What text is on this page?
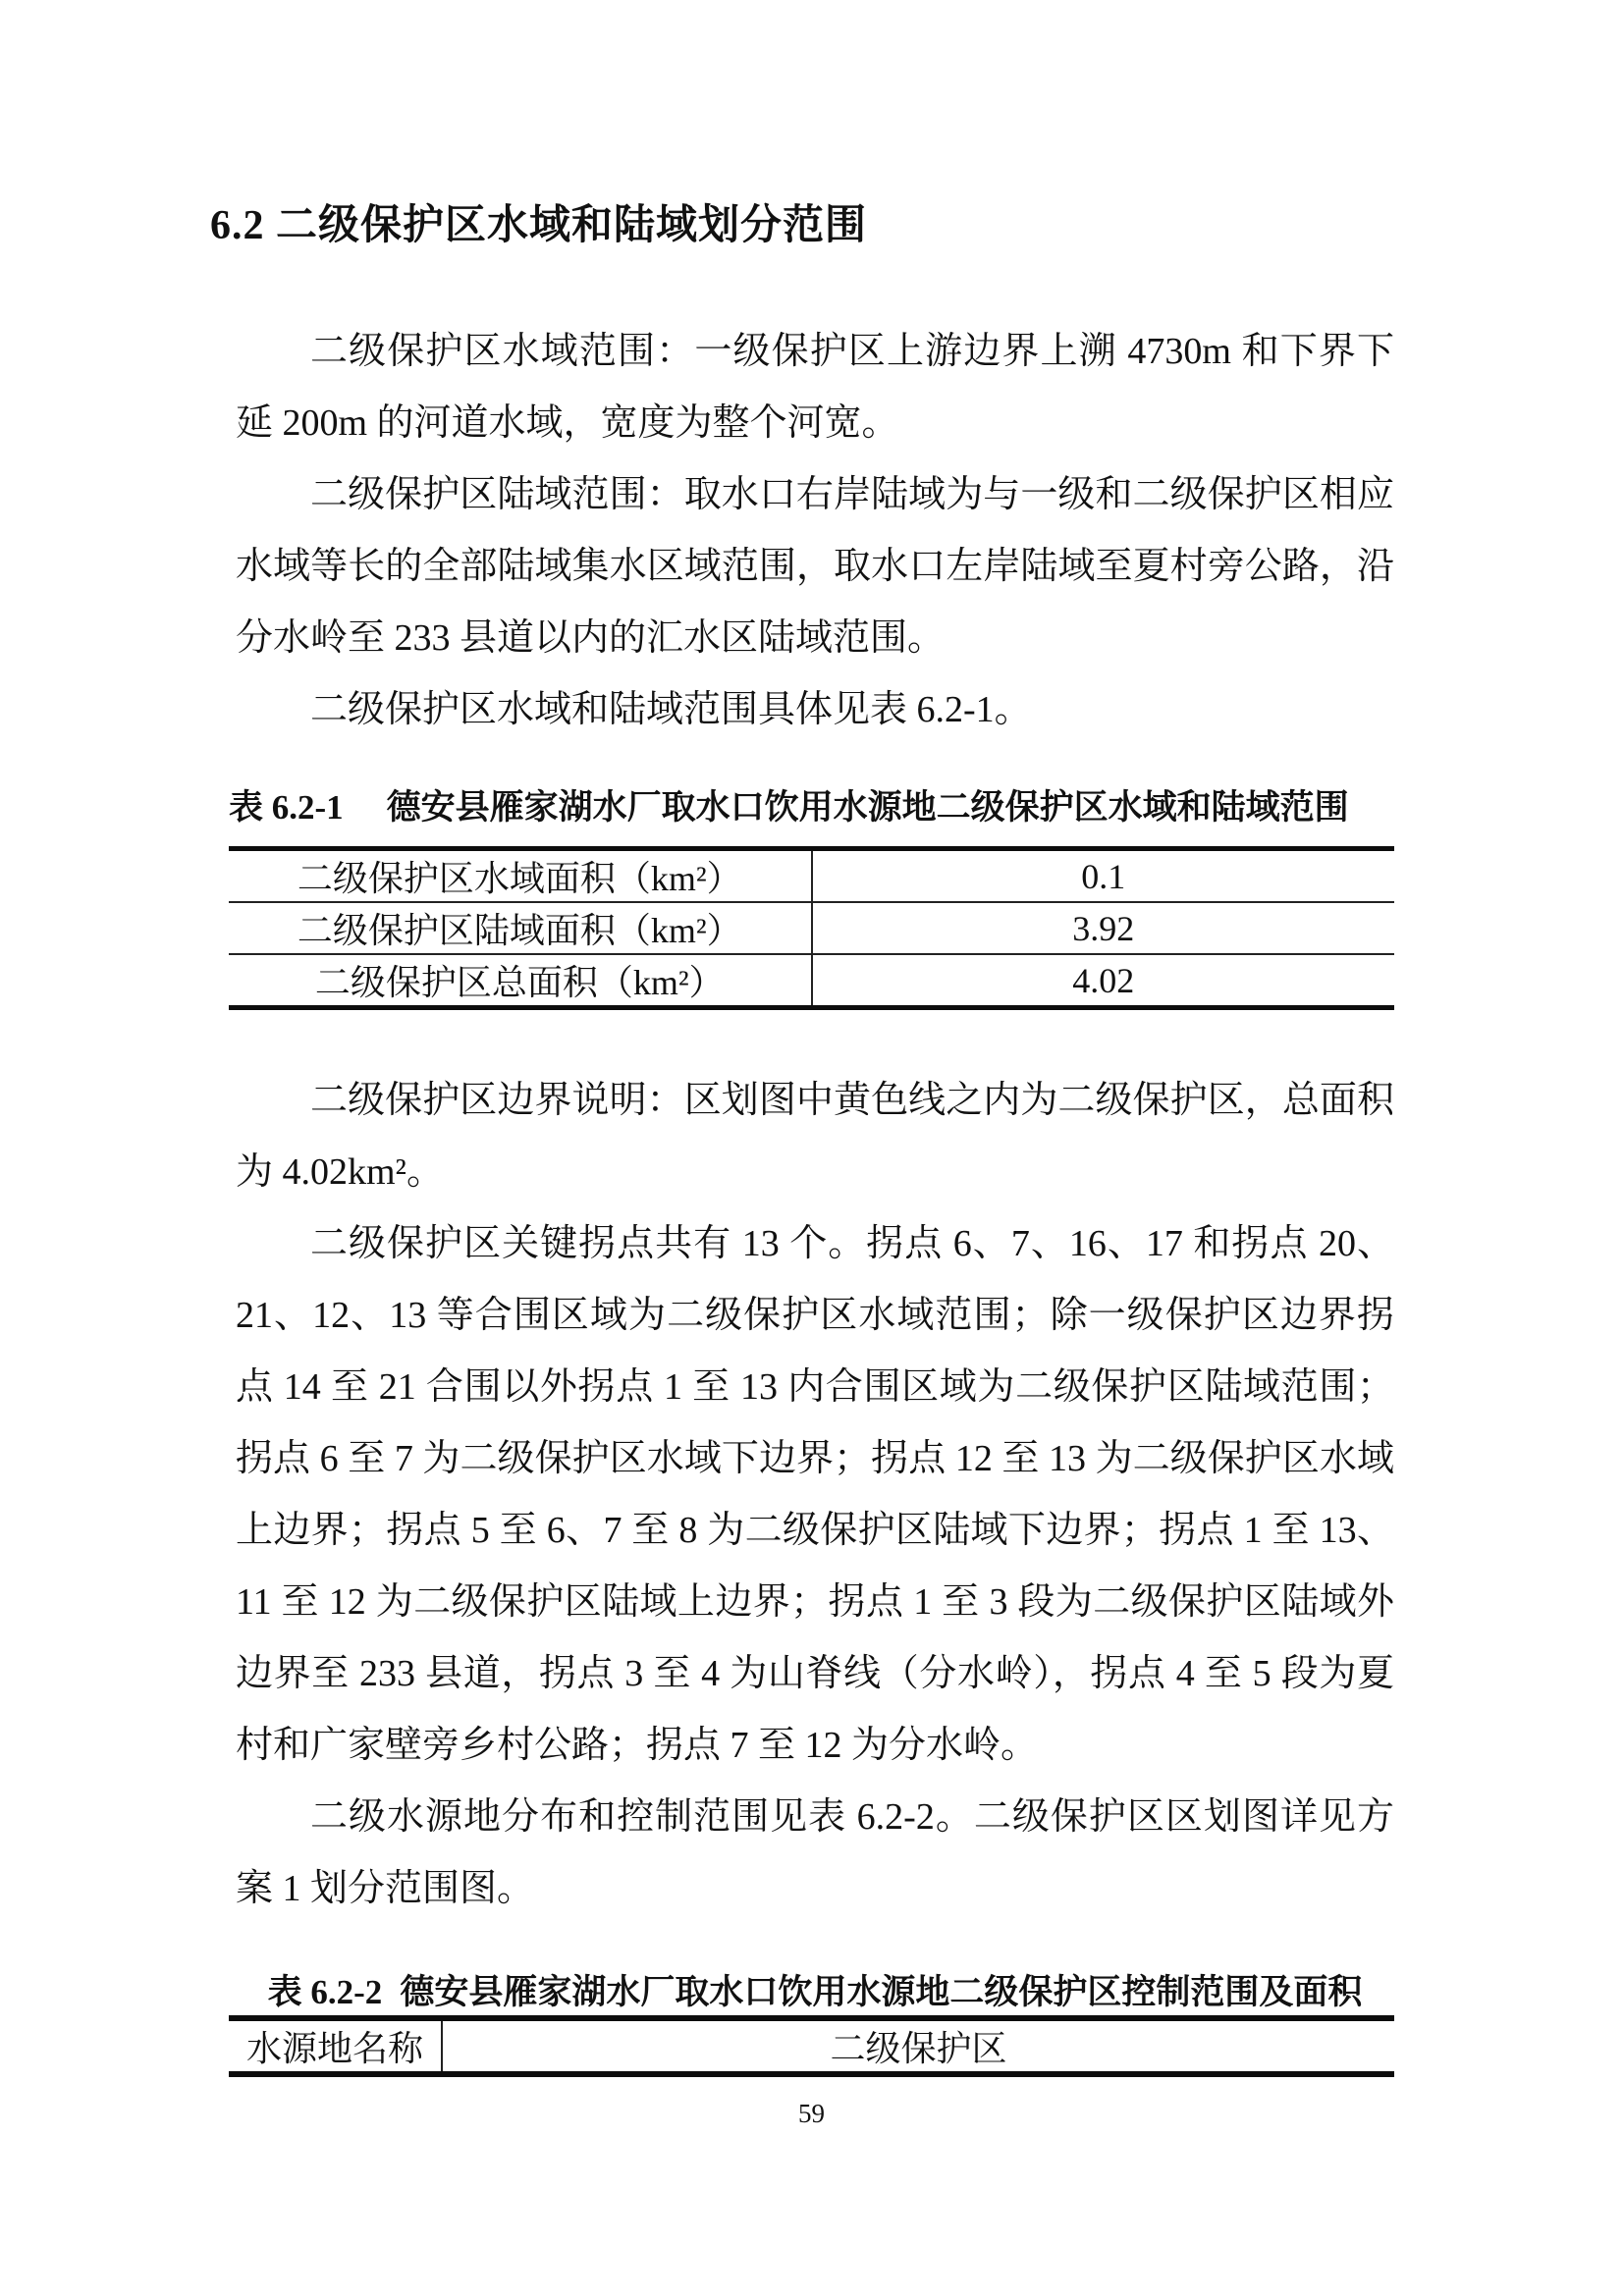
6.2 二级保护区水域和陆域划分范围

二级保护区水域范围：一级保护区上游边界上溯 4730m 和下界下延 200m 的河道水域，宽度为整个河宽。

二级保护区陆域范围：取水口右岸陆域为与一级和二级保护区相应水域等长的全部陆域集水区域范围，取水口左岸陆域至夏村旁公路，沿分水岭至 233 县道以内的汇水区陆域范围。

二级保护区水域和陆域范围具体见表 6.2-1。

表 6.2-1 德安县雁家湖水厂取水口饮用水源地二级保护区水域和陆域范围
二级保护区水域面积（km²）	0.1
二级保护区陆域面积（km²）	3.92
二级保护区总面积（km²）	4.02

二级保护区边界说明：区划图中黄色线之内为二级保护区，总面积为 4.02km²。

二级保护区关键拐点共有 13 个。拐点 6、7、16、17 和拐点 20、21、12、13 等合围区域为二级保护区水域范围；除一级保护区边界拐点 14 至 21 合围以外拐点 1 至 13 内合围区域为二级保护区陆域范围；拐点 6 至 7 为二级保护区水域下边界；拐点 12 至 13 为二级保护区水域上边界；拐点 5 至 6、7 至 8 为二级保护区陆域下边界；拐点 1 至 13、11 至 12 为二级保护区陆域上边界；拐点 1 至 3 段为二级保护区陆域外边界至 233 县道，拐点 3 至 4 为山脊线（分水岭），拐点 4 至 5 段为夏村和广家壁旁乡村公路；拐点 7 至 12 为分水岭。

二级水源地分布和控制范围见表 6.2-2。二级保护区区划图详见方案 1 划分范围图。

表 6.2-2 德安县雁家湖水厂取水口饮用水源地二级保护区控制范围及面积
水源地名称	二级保护区
59
